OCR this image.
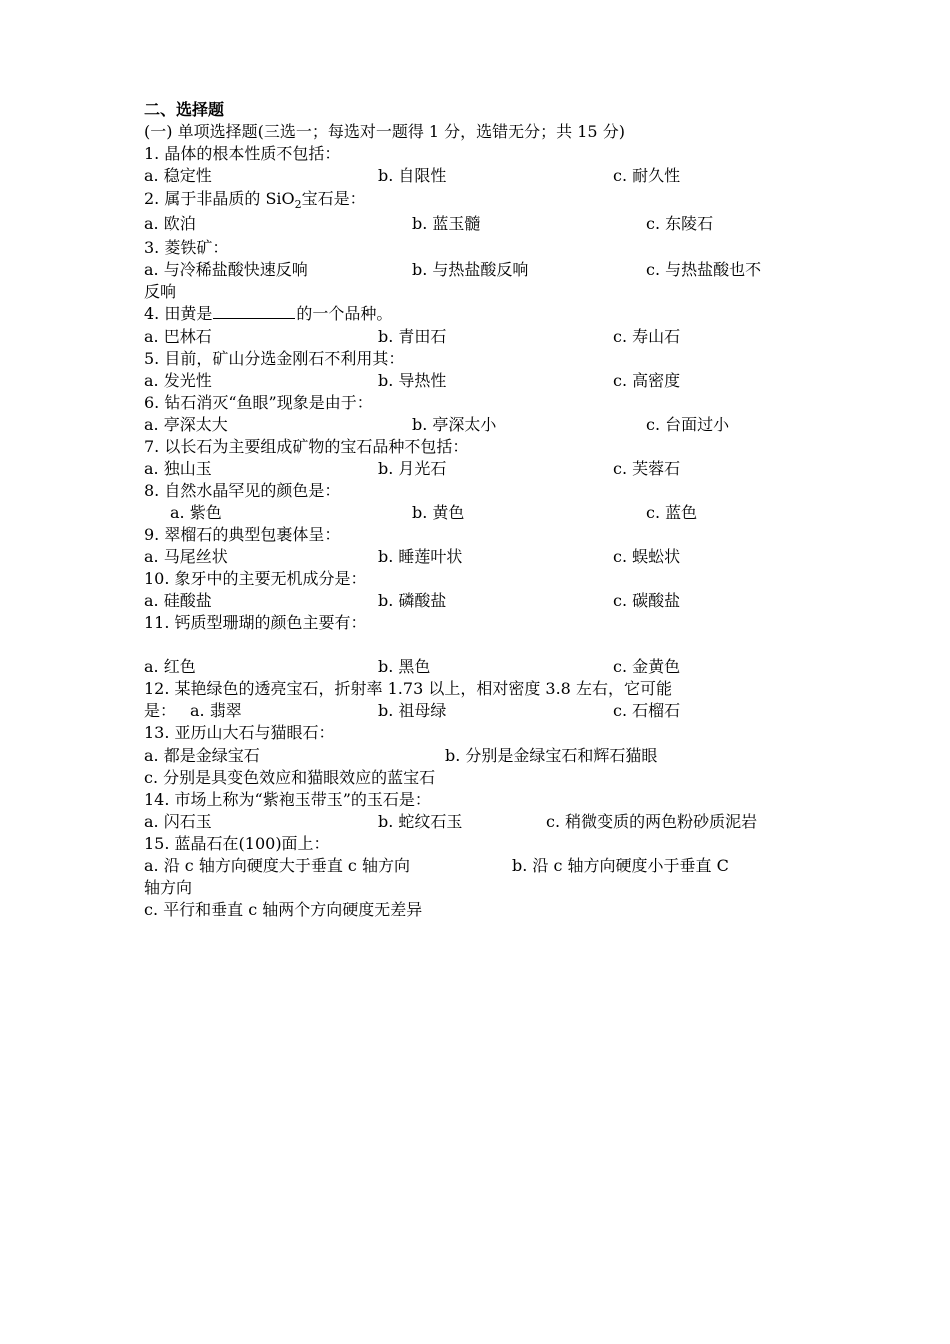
二、选择题
(一) 单项选择题(三选一；每选对一题得 1 分，选错无分；共 15 分)
1. 晶体的根本性质不包括：
a. 稳定性	b. 自限性	c. 耐久性
2. 属于非晶质的 SiO$_2$宝石是：
a. 欧泊	b. 蓝玉髓	c. 东陵石
3. 菱铁矿：
a. 与冷稀盐酸快速反响	b. 与热盐酸反响	c. 与热盐酸也不
反响
4. 田黄是	的一个品种。
a. 巴林石	b. 青田石	c. 寿山石
5. 目前，矿山分选金刚石不利用其：
a. 发光性	b. 导热性	c. 高密度
6. 钻石消灭“鱼眼”现象是由于：
a. 亭深太大	b. 亭深太小	c. 台面过小
7. 以长石为主要组成矿物的宝石品种不包括：
a. 独山玉	b. 月光石	c. 芙蓉石
8. 自然水晶罕见的颜色是：
a. 紫色	b. 黄色	c. 蓝色
9. 翠榴石的典型包裹体呈：
a. 马尾丝状	b. 睡莲叶状	c. 蜈蚣状
10. 象牙中的主要无机成分是：
a. 硅酸盐	b. 磷酸盐	c. 碳酸盐
11. 钙质型珊瑚的颜色主要有：
a. 红色	b. 黑色	c. 金黄色
12. 某艳绿色的透亮宝石，折射率 1.73 以上，相对密度 3.8 左右，它可能
是： a. 翡翠	b. 祖母绿	c. 石榴石
13. 亚历山大石与猫眼石：
a. 都是金绿宝石	b. 分别是金绿宝石和辉石猫眼
c. 分别是具变色效应和猫眼效应的蓝宝石
14. 市场上称为“紫袍玉带玉”的玉石是：
a. 闪石玉	b. 蛇纹石玉	c. 稍微变质的两色粉砂质泥岩
15. 蓝晶石在(100)面上：
a. 沿 c 轴方向硬度大于垂直 c 轴方向	b. 沿 c 轴方向硬度小于垂直 C
轴方向
c. 平行和垂直 c 轴两个方向硬度无差异
